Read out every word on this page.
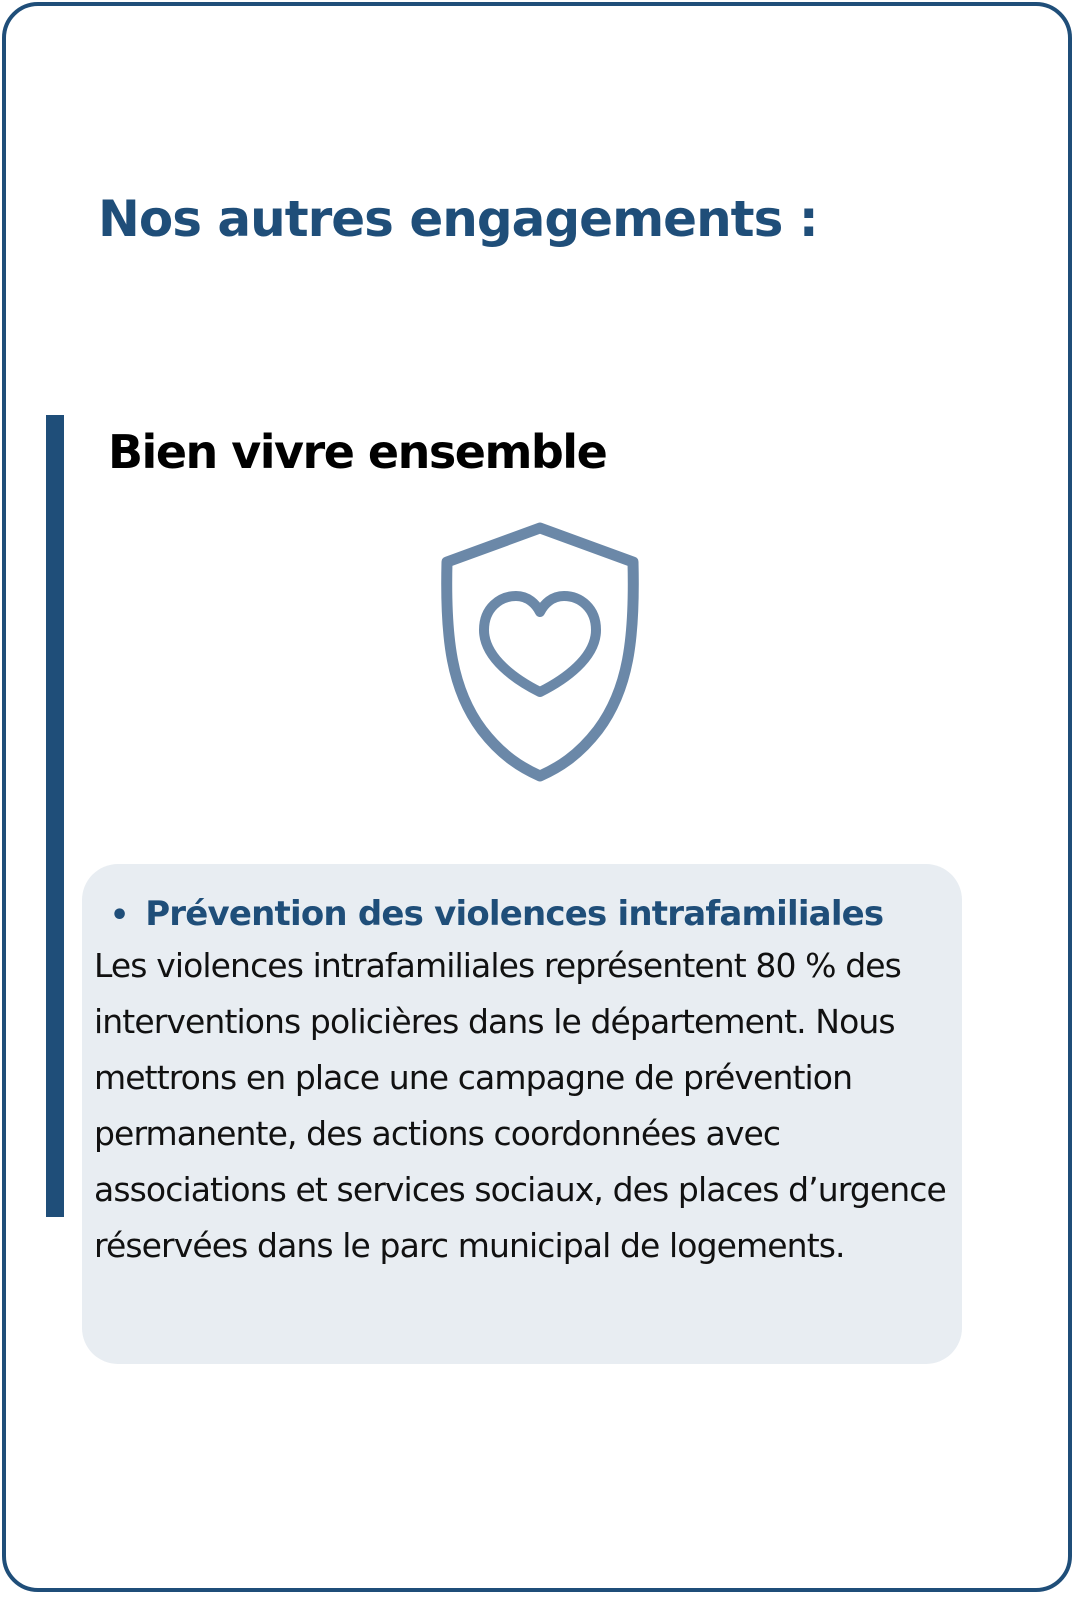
Nos autres engagements :
Bien vivre ensemble
• Prévention des violences intrafamiliales

Les violences intrafamiliales représentent 80 % des interventions policières dans le département. Nous mettrons en place une campagne de prévention permanente, des actions coordonnées avec associations et services sociaux, des places d’urgence réservées dans le parc municipal de logements.
